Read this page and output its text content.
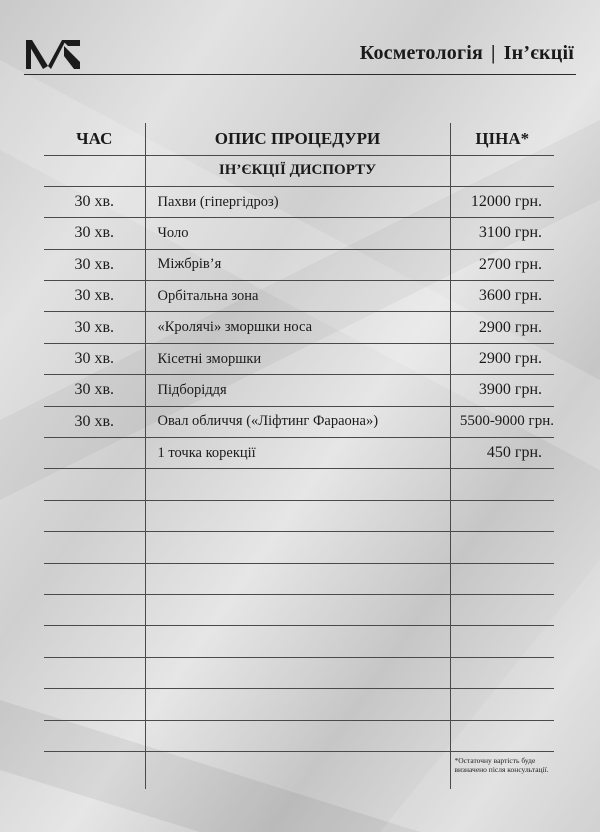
Косметологія | Ін’єкції
ЧАС	ОПИС ПРОЦЕДУРИ	ЦІНА*
	ІН’ЄКЦІЇ ДИСПОРТУ	
30 хв.	Пахви (гіпергідроз)	12000 грн.
30 хв.	Чоло	3100 грн.
30 хв.	Міжбрів’я	2700 грн.
30 хв.	Орбітальна зона	3600 грн.
30 хв.	«Кролячі» зморшки носа	2900 грн.
30 хв.	Кісетні зморшки	2900 грн.
30 хв.	Підборіддя	3900 грн.
30 хв.	Овал обличчя («Ліфтинг Фараона»)	5500-9000 грн.
	1 точка корекції	450 грн.

		*Остаточну вартість буде визначено після консультації.
